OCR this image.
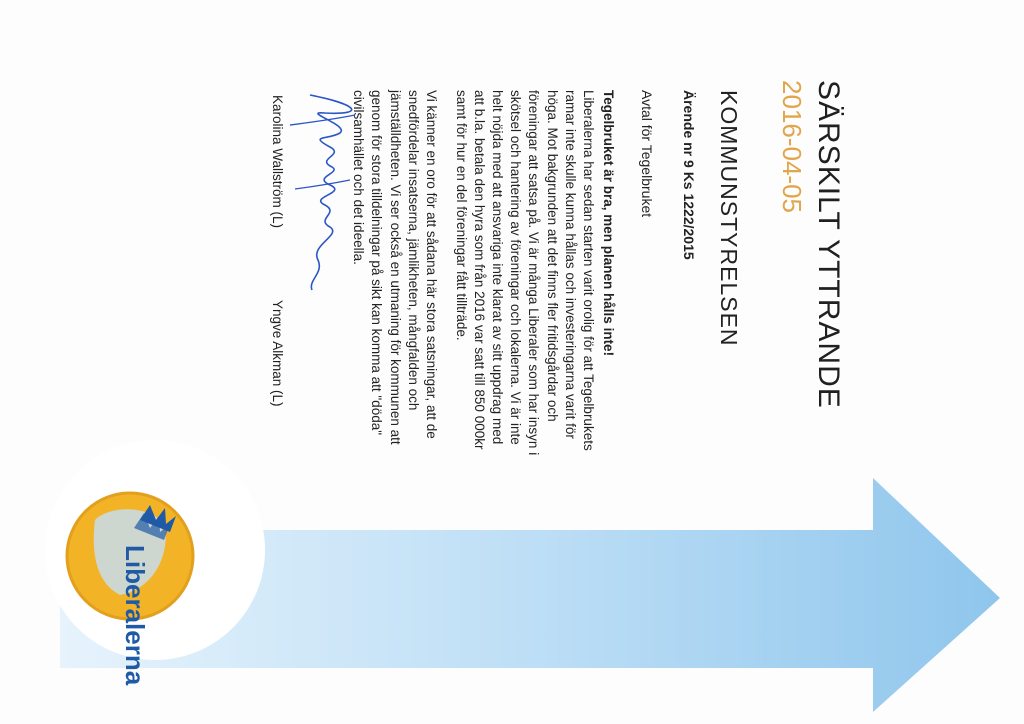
Liberalerna
SÄRSKILT YTTRANDE
2016-04-05
KOMMUNSTYRELSEN
Ärende nr 9 Ks 1222/2015
Avtal för Tegelbruket
Tegelbruket är bra, men planen hålls inte!
Liberalerna har sedan starten varit orolig för att Tegelbrukets
ramar inte skulle kunna hållas och investeringarna varit för
höga. Mot bakgrunden att det finns fler fritidsgårdar och
föreningar att satsa på. Vi är många Liberaler som har insyn i
skötsel och hantering av föreningar och lokalerna. Vi är inte
helt nöjda med att ansvariga inte klarat av sitt uppdrag med
att b.la. betala den hyra som från 2016 var satt till 850 000kr
samt för hur en del föreningar fått tillträde.
Vi känner en oro för att sådana här stora satsningar, att de
snedfördelar insatserna, jämlikheten, mångfalden och
jämställdheten. Vi ser också en utmaning för kommunen att
genom för stora tilldelningar på sikt kan komma att "döda"
civilsamhället och det ideella.
Karolina Wallström (L)
Yngve Alkman (L)
